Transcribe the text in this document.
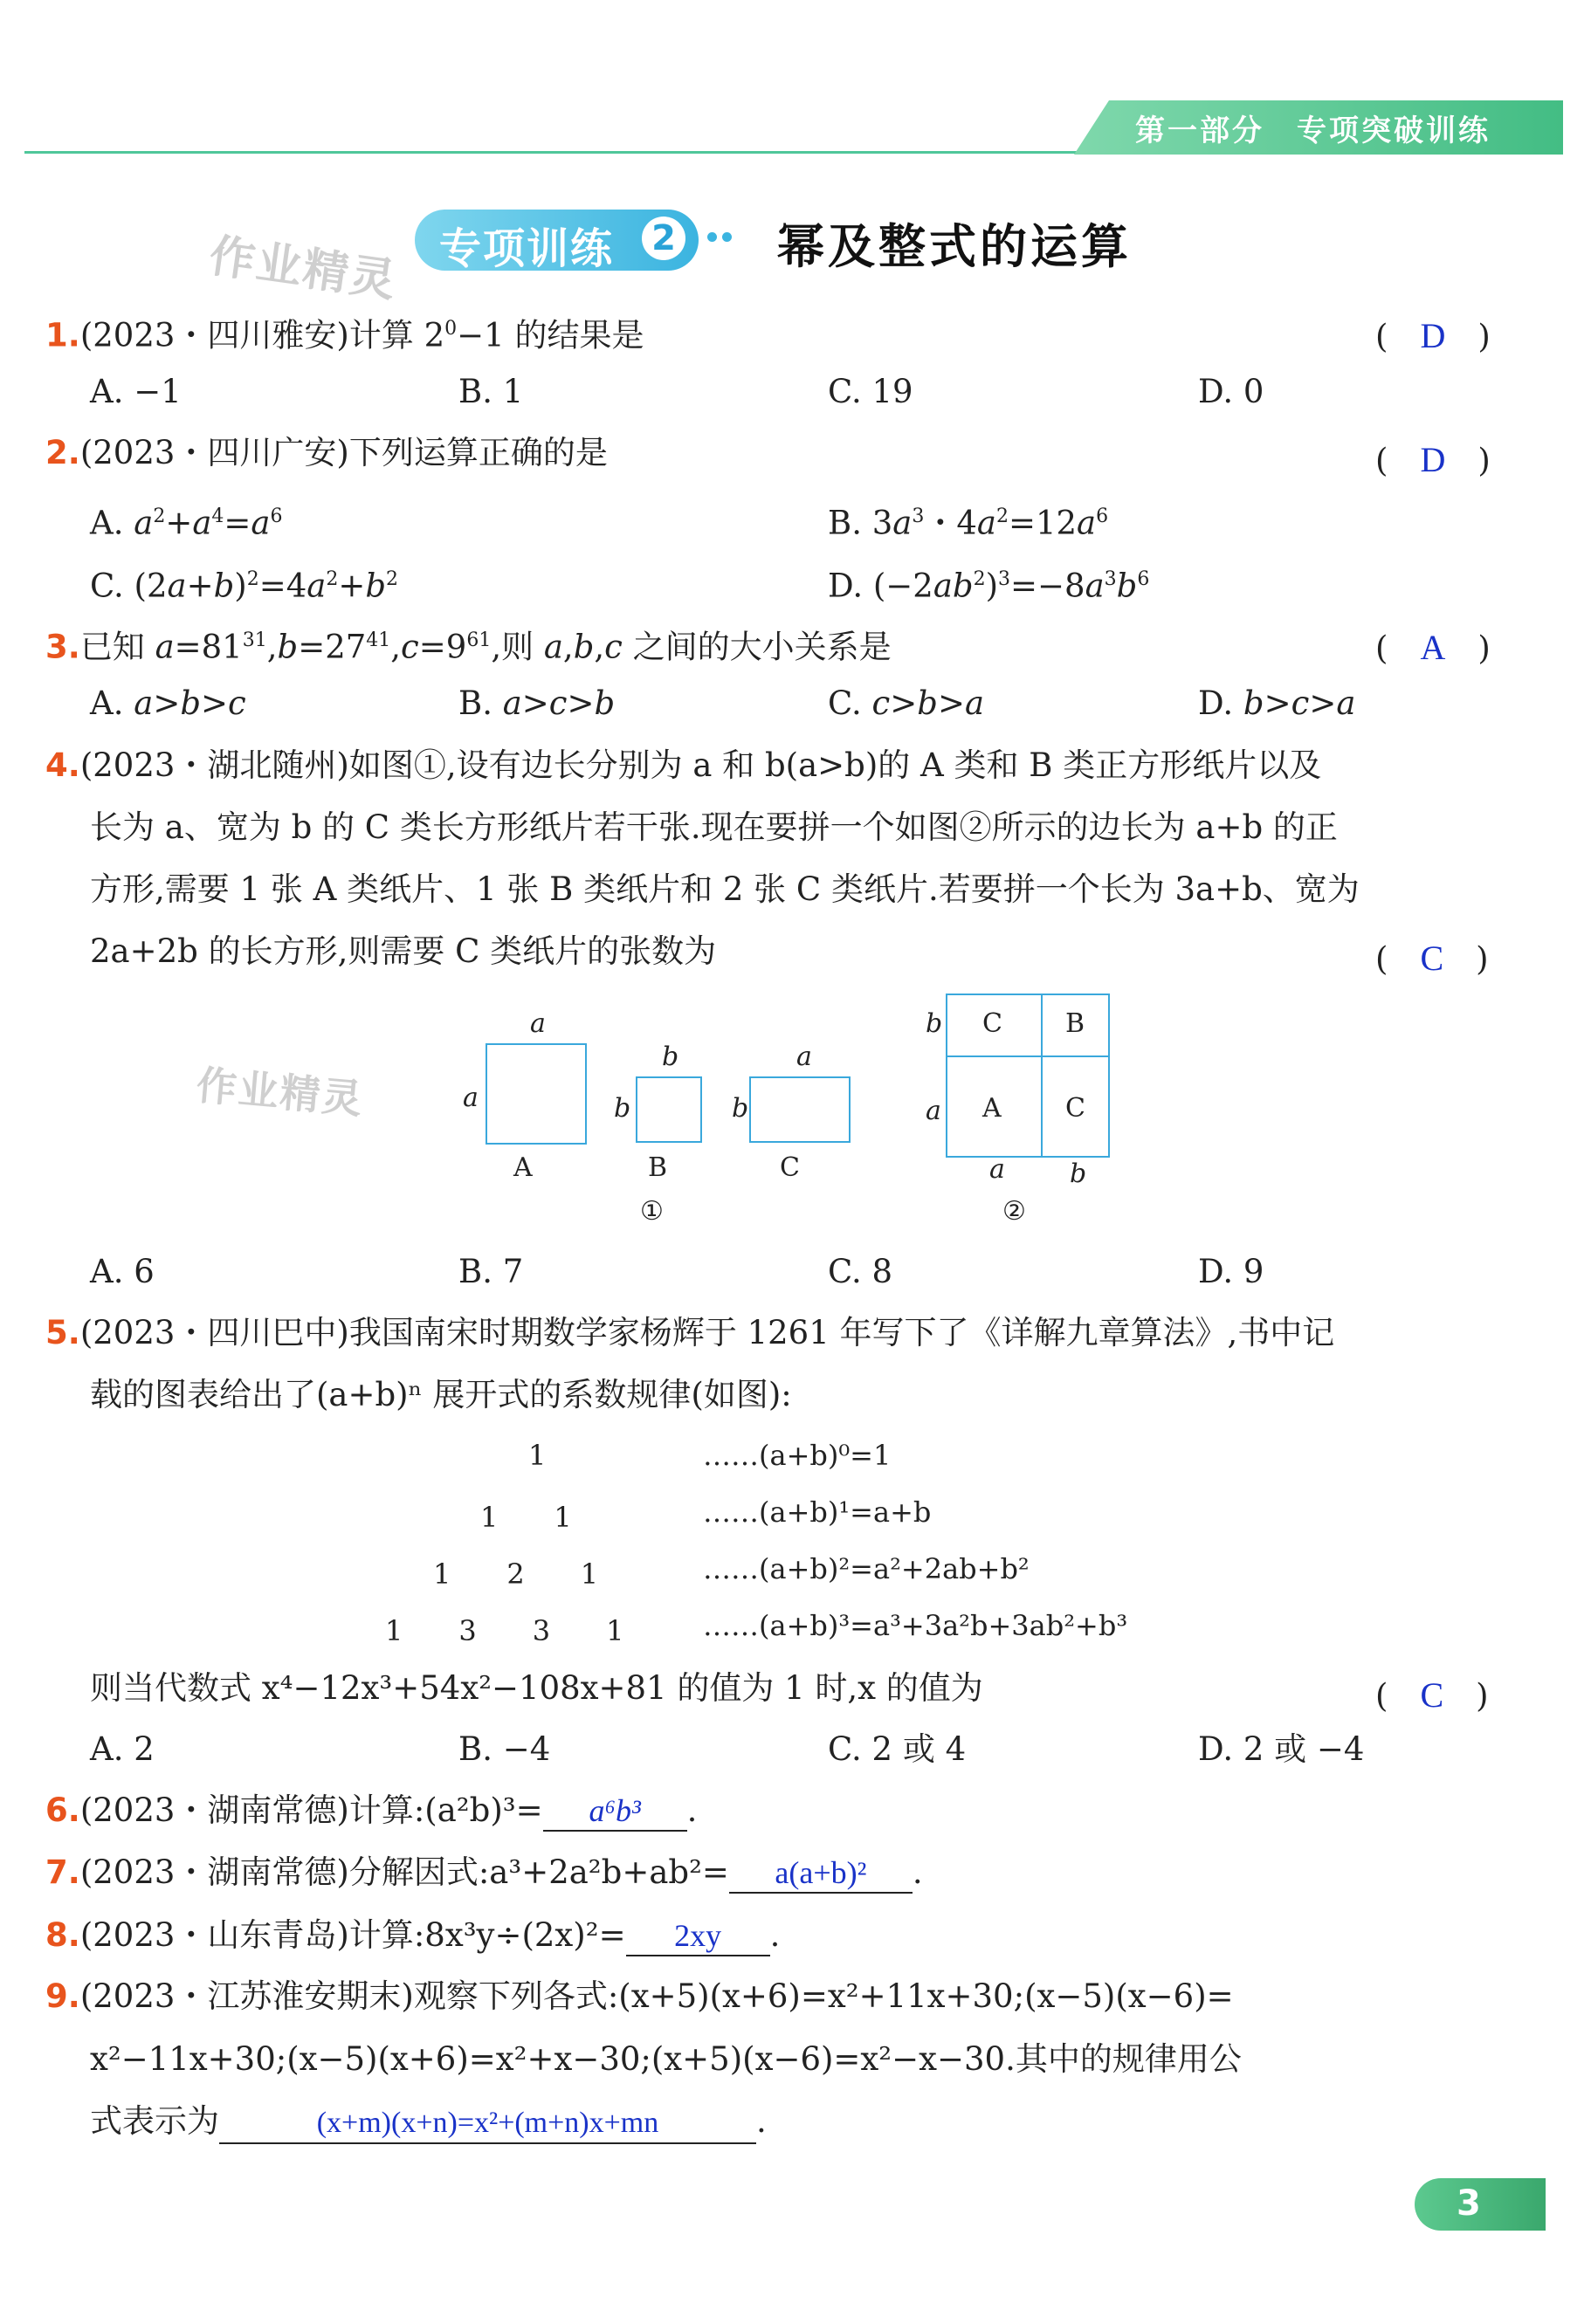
第一部分　专项突破训练
作业精灵 专项训练 2 幂及整式的运算
1.(2023・四川雅安)计算 $2^0-1$ 的结果是	(　D　)
A. −1	B. 1	C. 19	D. 0
2.(2023・四川广安)下列运算正确的是	(　D　)
A. $a^2+a^4=a^6$	B. $3a^3$・$4a^2=12a^6$
C. $(2a+b)^2=4a^2+b^2$	D. $(-2ab^2)^3=-8a^3b^6$
3.已知 $a=81^{31},b=27^{41},c=9^{61}$,则 a,b,c 之间的大小关系是	(　A　)
A. a>b>c	B. a>c>b	C. c>b>a	D. b>c>a
4.(2023・湖北随州)如图①,设有边长分别为 a 和 b(a>b)的 A 类和 B 类正方形纸片以及
长为 a、宽为 b 的 C 类长方形纸片若干张.现在要拼一个如图②所示的边长为 a+b 的正
方形,需要 1 张 A 类纸片、1 张 B 类纸片和 2 张 C 类纸片.若要拼一个长为 3a+b、宽为
2a+2b 的长方形,则需要 C 类纸片的张数为	(　C　)
作业精灵
a
a
A
b
b
B
a
b
C
①
b
a
C B
A C
a b
②
A. 6	B. 7	C. 8	D. 9
5.(2023・四川巴中)我国南宋时期数学家杨辉于 1261 年写下了《详解九章算法》,书中记
载的图表给出了(a+b)ⁿ 展开式的系数规律(如图):
1
1　　1
1　　2　　1
1　　3　　3　　1
……(a+b)⁰=1
……(a+b)¹=a+b
……(a+b)²=a²+2ab+b²
……(a+b)³=a³+3a²b+3ab²+b³
则当代数式 x⁴−12x³+54x²−108x+81 的值为 1 时,x 的值为	(　C　)
A. 2	B. −4	C. 2 或 4	D. 2 或 −4
6.(2023・湖南常德)计算:(a²b)³= a⁶b³ .
7.(2023・湖南常德)分解因式:a³+2a²b+ab²= a(a+b)² .
8.(2023・山东青岛)计算:8x³y÷(2x)²= 2xy .
9.(2023・江苏淮安期末)观察下列各式:(x+5)(x+6)=x²+11x+30;(x−5)(x−6)=
x²−11x+30;(x−5)(x+6)=x²+x−30;(x+5)(x−6)=x²−x−30.其中的规律用公
式表示为	(x+m)(x+n)=x²+(m+n)x+mn	.
3
